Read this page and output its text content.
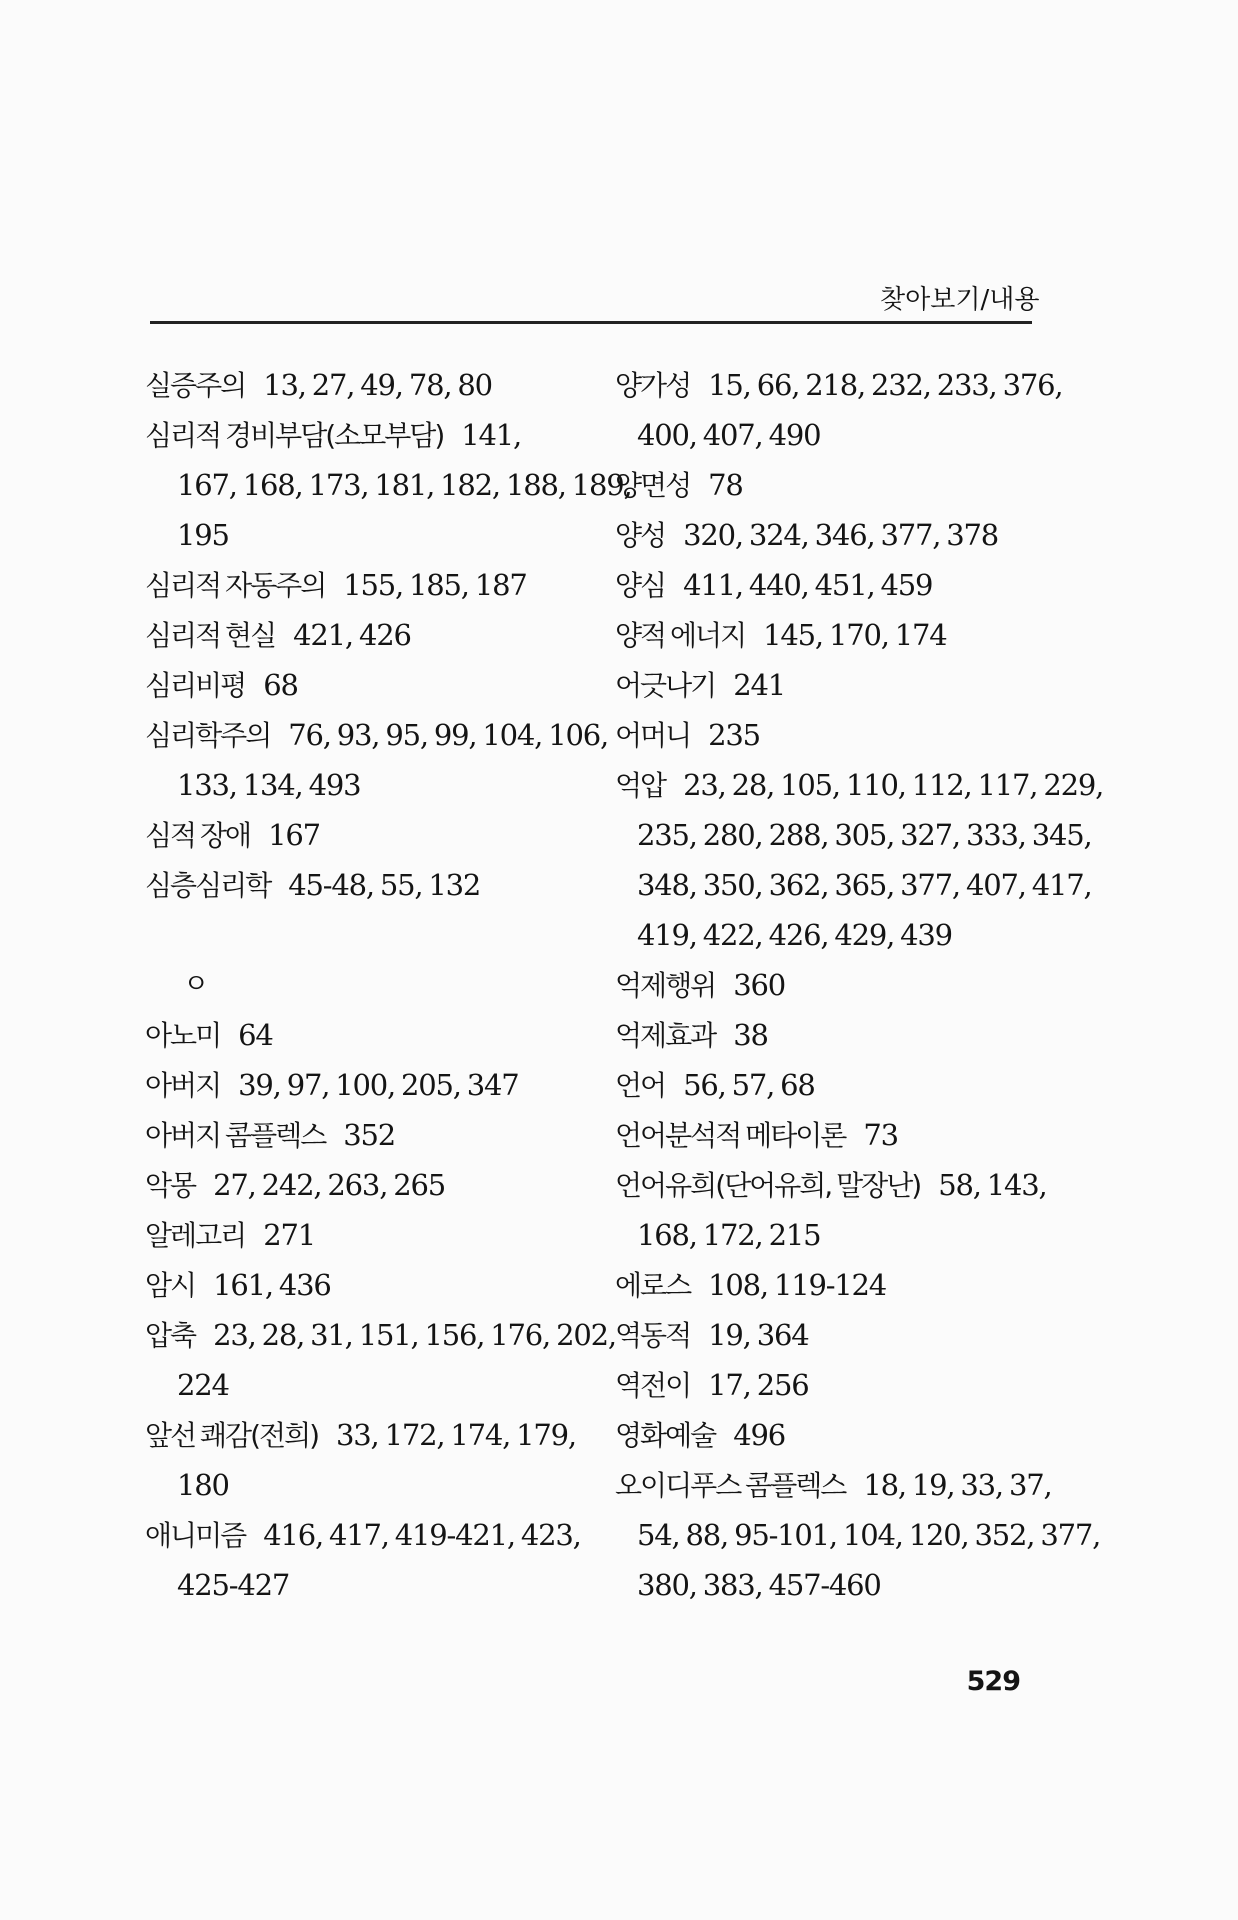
찾아보기/내용
실증주의 13, 27, 49, 78, 80
심리적 경비부담(소모부담) 141,
167, 168, 173, 181, 182, 188, 189,
195
심리적 자동주의 155, 185, 187
심리적 현실 421, 426
심리비평 68
심리학주의 76, 93, 95, 99, 104, 106,
133, 134, 493
심적 장애 167
심층심리학 45-48, 55, 132
ㅇ
아노미 64
아버지 39, 97, 100, 205, 347
아버지 콤플렉스 352
악몽 27, 242, 263, 265
알레고리 271
암시 161, 436
압축 23, 28, 31, 151, 156, 176, 202,
224
앞선 쾌감(전희) 33, 172, 174, 179,
180
애니미즘 416, 417, 419-421, 423,
425-427
양가성 15, 66, 218, 232, 233, 376,
400, 407, 490
양면성 78
양성 320, 324, 346, 377, 378
양심 411, 440, 451, 459
양적 에너지 145, 170, 174
어긋나기 241
어머니 235
억압 23, 28, 105, 110, 112, 117, 229,
235, 280, 288, 305, 327, 333, 345,
348, 350, 362, 365, 377, 407, 417,
419, 422, 426, 429, 439
억제행위 360
억제효과 38
언어 56, 57, 68
언어분석적 메타이론 73
언어유희(단어유희, 말장난) 58, 143,
168, 172, 215
에로스 108, 119-124
역동적 19, 364
역전이 17, 256
영화예술 496
오이디푸스 콤플렉스 18, 19, 33, 37,
54, 88, 95-101, 104, 120, 352, 377,
380, 383, 457-460
529
